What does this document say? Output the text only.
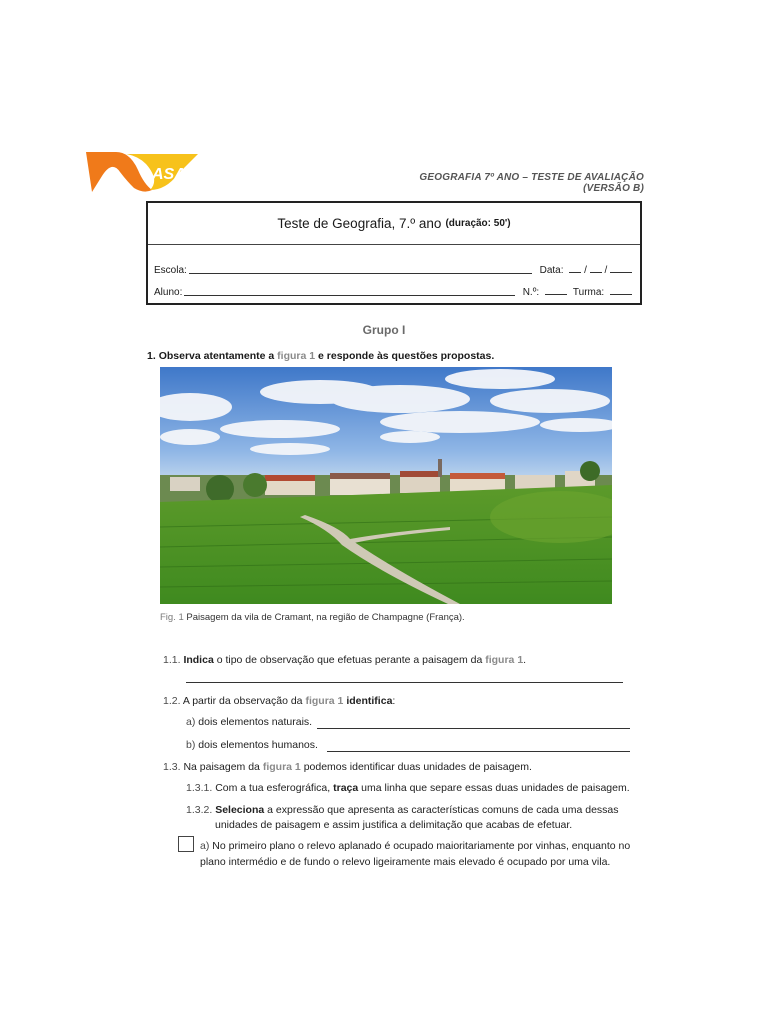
ASA	GEOGRAFIA 7º ANO – TESTE DE AVALIAÇÃO (VERSÃO B)
Teste de Geografia, 7.º ano (duração: 50')
Escola:	Data: / /
Aluno:	N.º:	Turma:
Grupo I
1. Observa atentamente a figura 1 e responde às questões propostas.
Fig. 1 Paisagem da vila de Cramant, na região de Champagne (França).
1.1. Indica o tipo de observação que efetuas perante a paisagem da figura 1.
1.2. A partir da observação da figura 1 identifica:
a) dois elementos naturais.
b) dois elementos humanos.
1.3. Na paisagem da figura 1 podemos identificar duas unidades de paisagem.
1.3.1. Com a tua esferográfica, traça uma linha que separe essas duas unidades de paisagem.
1.3.2. Seleciona a expressão que apresenta as características comuns de cada uma dessas
unidades de paisagem e assim justifica a delimitação que acabas de efetuar.
a) No primeiro plano o relevo aplanado é ocupado maioritariamente por vinhas, enquanto no
plano intermédio e de fundo o relevo ligeiramente mais elevado é ocupado por uma vila.
